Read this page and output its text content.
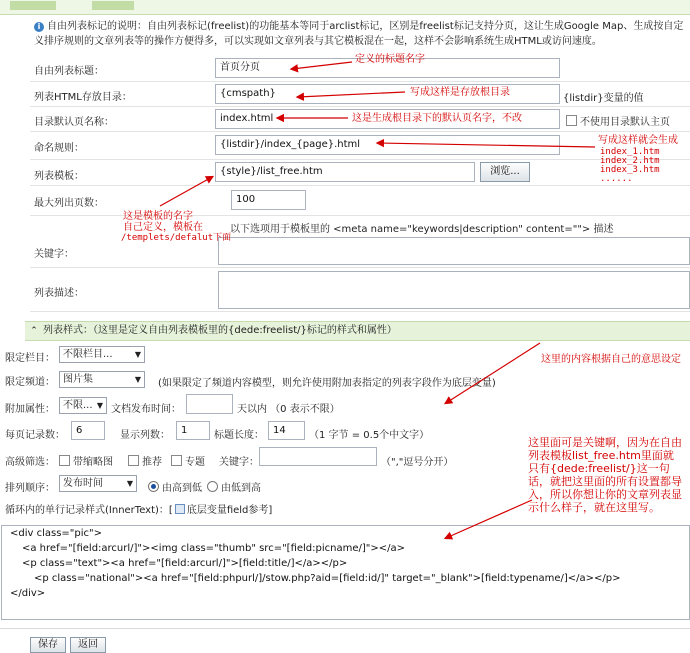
i 自由列表标记的说明：自由列表标记(freelist)的功能基本等同于arclist标记，区别是freelist标记支持分页，这让生成Google Map、生成按自定义排序规则的文章列表等的操作方便得多，可以实现如文章列表与其它模板混在一起，这样不会影响系统生成HTML或访问速度。
自由列表标题：	首页分页
列表HTML存放目录：	{cmspath}	{listdir}变量的值
目录默认页名称：	index.html	不使用目录默认主页
命名规则：	{listdir}/index_{page}.html
列表模板：	{style}/list_free.htm	浏览...
最大列出页数：	100
以下选项用于模板里的 <meta name="keywords|description" content=""> 描述
关键字：
列表描述：
⌃ 列表样式：（这里是定义自由列表模板里的{dede:freelist/}标记的样式和属性）
限定栏目： 不限栏目...	▼
限定频道： 图片集	▼ (如果限定了频道内容模型，则允许使用附加表指定的列表字段作为底层变量)
附加属性： 不限... ▼ 文档发布时间：	天以内 （0 表示不限）
每页记录数：	6	显示列数：	1	标题长度： 14	（1 字节 = 0.5个中文字）
高级筛选：	带缩略图	推荐	专题 关键字：	（","逗号分开）
排列顺序： 发布时间	▼	由高到低	由低到高
循环内的单行记录样式(InnerText)：[ 底层变量field参考]
<div class="pic">
<a href="[field:arcurl/]"><img class="thumb" src="[field:picname/]"></a>
<p class="text"><a href="[field:arcurl/]">[field:title/]</a></p>
<p class="national"><a href="[field:phpurl/]/stow.php?aid=[field:id/]" target="_blank">[field:typename/]</a></p>
</div>
定义的标题名字
写成这样是存放根目录
这是生成根目录下的默认页名字，不改
写成这样就会生成
index_1.htm
index_2.htm
index_3.htm
......
这是模板的名字
自己定义，模板在
/templets/defalut下面
这里的内容根据自己的意思设定
这里面可是关键啊，因为在自由列表模板list_free.htm里面就只有{dede:freelist/}这一句话，就把这里面的所有设置都导入，所以你想让你的文章列表显示什么样子，就在这里写。
保存	返回
